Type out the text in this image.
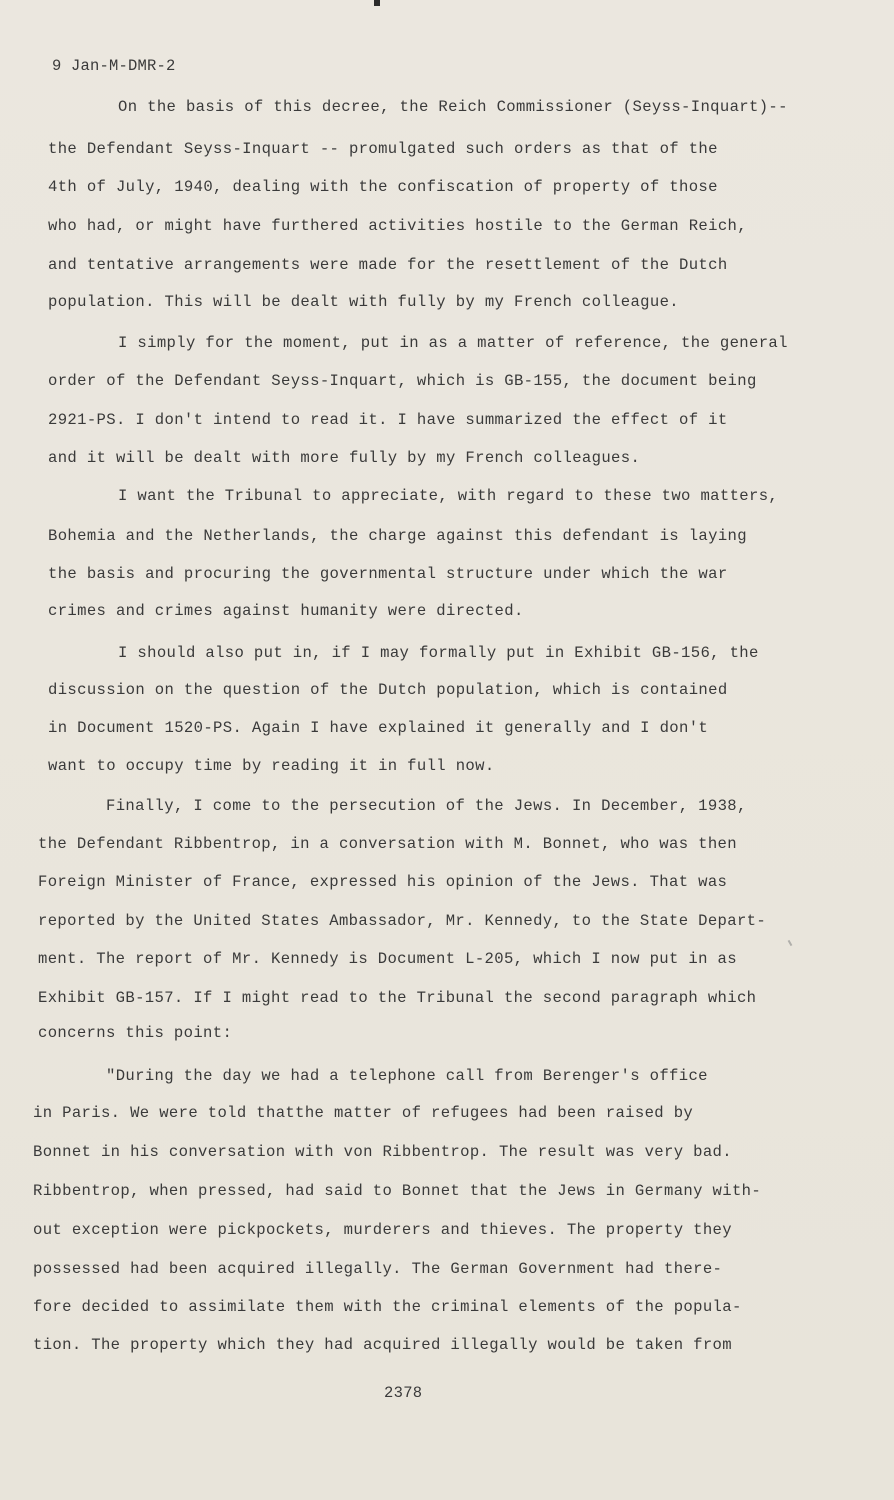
9 Jan-M-DMR-2
On the basis of this decree, the Reich Commissioner (Seyss-Inquart)--
the Defendant Seyss-Inquart -- promulgated such orders as that of the
4th of July, 1940, dealing with the confiscation of property of those
who had, or might have furthered activities hostile to the German Reich,
and tentative arrangements were made for the resettlement of the Dutch
population. This will be dealt with fully by my French colleague.
I simply for the moment, put in as a matter of reference, the general
order of the Defendant Seyss-Inquart, which is GB-155, the document being
2921-PS. I don't intend to read it. I have summarized the effect of it
and it will be dealt with more fully by my French colleagues.
I want the Tribunal to appreciate, with regard to these two matters,
Bohemia and the Netherlands, the charge against this defendant is laying
the basis and procuring the governmental structure under which the war
crimes and crimes against humanity were directed.
I should also put in, if I may formally put in Exhibit GB-156, the
discussion on the question of the Dutch population, which is contained
in Document 1520-PS. Again I have explained it generally and I don't
want to occupy time by reading it in full now.
Finally, I come to the persecution of the Jews. In December, 1938,
the Defendant Ribbentrop, in a conversation with M. Bonnet, who was then
Foreign Minister of France, expressed his opinion of the Jews. That was
reported by the United States Ambassador, Mr. Kennedy, to the State Depart-
ment. The report of Mr. Kennedy is Document L-205, which I now put in as
Exhibit GB-157. If I might read to the Tribunal the second paragraph which
concerns this point:
"During the day we had a telephone call from Berenger's office
in Paris. We were told thatthe matter of refugees had been raised by
Bonnet in his conversation with von Ribbentrop. The result was very bad.
Ribbentrop, when pressed, had said to Bonnet that the Jews in Germany with-
out exception were pickpockets, murderers and thieves. The property they
possessed had been acquired illegally. The German Government had there-
fore decided to assimilate them with the criminal elements of the popula-
tion. The property which they had acquired illegally would be taken from
2378
